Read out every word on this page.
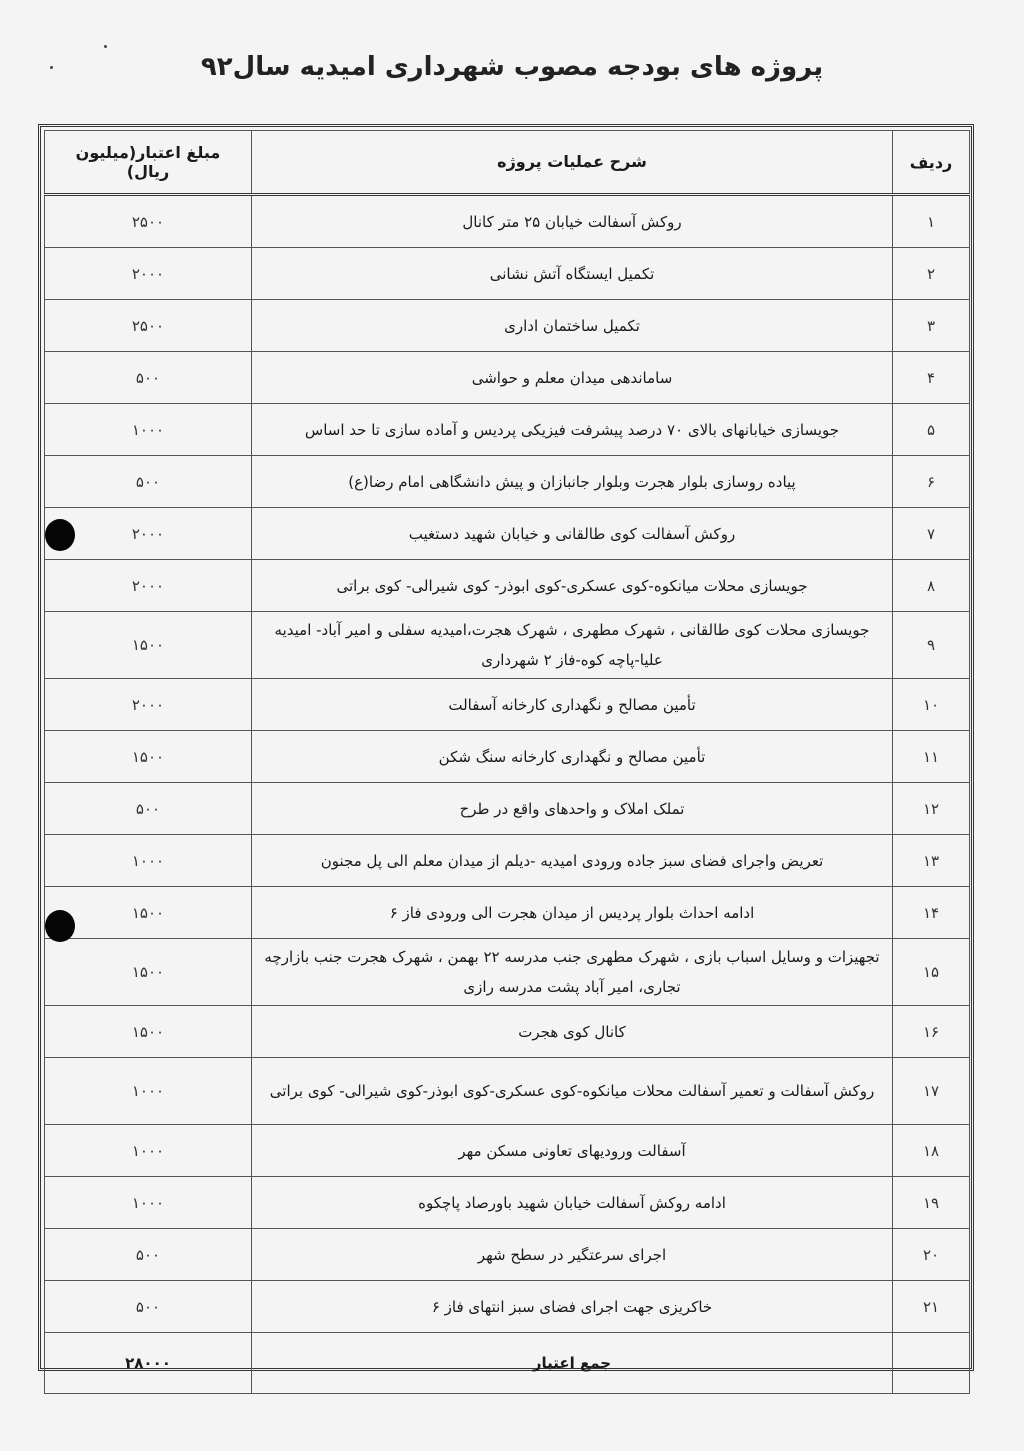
پروژه های بودجه مصوب شهرداری امیدیه سال۹۲
ردیف	شرح عملیات پروژه	مبلغ اعتبار(میلیون ریال)
۱	روکش آسفالت خیابان ۲۵ متر کانال	۲۵۰۰
۲	تکمیل ایستگاه آتش نشانی	۲۰۰۰
۳	تکمیل ساختمان اداری	۲۵۰۰
۴	ساماندهی میدان معلم و حواشی	۵۰۰
۵	جویسازی خیابانهای بالای ۷۰ درصد پیشرفت فیزیکی پردیس و آماده سازی تا حد اساس	۱۰۰۰
۶	پیاده روسازی بلوار هجرت وبلوار جانبازان و پیش دانشگاهی امام رضا(ع)	۵۰۰
۷	روکش آسفالت کوی طالقانی و خیابان شهید دستغیب	۲۰۰۰
۸	جویسازی محلات میانکوه-کوی عسکری-کوی ابوذر- کوی شیرالی- کوی براتی	۲۰۰۰
۹	جویسازی محلات کوی طالقانی ، شهرک مطهری ، شهرک هجرت،امیدیه سفلی و امیر آباد- امیدیه علیا-پاچه کوه-فاز ۲ شهرداری	۱۵۰۰
۱۰	تأمین مصالح و نگهداری کارخانه آسفالت	۲۰۰۰
۱۱	تأمین مصالح و نگهداری کارخانه سنگ شکن	۱۵۰۰
۱۲	تملک املاک و واحدهای واقع در طرح	۵۰۰
۱۳	تعریض واجرای فضای سبز جاده ورودی امیدیه -دیلم از میدان معلم الی پل مجنون	۱۰۰۰
۱۴	ادامه احداث بلوار پردیس از میدان هجرت الی ورودی فاز ۶	۱۵۰۰
۱۵	تجهیزات و وسایل اسباب بازی ، شهرک مطهری جنب مدرسه ۲۲ بهمن ، شهرک هجرت جنب بازارچه تجاری، امیر آباد پشت مدرسه رازی	۱۵۰۰
۱۶	کانال کوی هجرت	۱۵۰۰
۱۷	روکش آسفالت و تعمیر آسفالت محلات میانکوه-کوی عسکری-کوی ابوذر-کوی شیرالی- کوی براتی	۱۰۰۰
۱۸	آسفالت ورودیهای تعاونی مسکن مهر	۱۰۰۰
۱۹	ادامه روکش آسفالت خیابان شهید باورصاد پاچکوه	۱۰۰۰
۲۰	اجرای سرعتگیر در سطح شهر	۵۰۰
۲۱	خاکریزی جهت اجرای فضای سبز انتهای فاز ۶	۵۰۰
	جمع اعتبار	۲۸۰۰۰
